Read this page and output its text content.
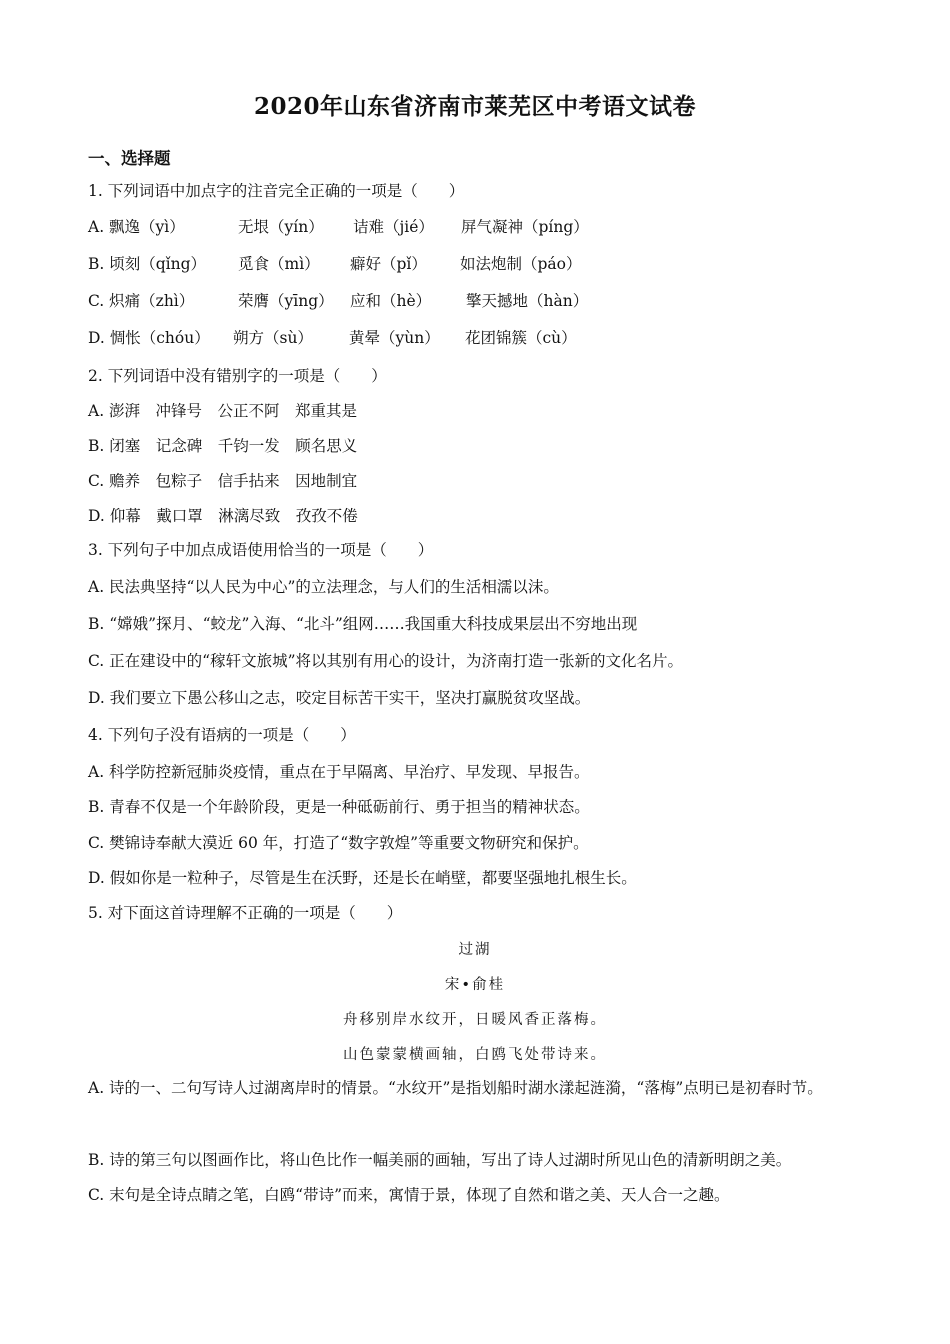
2020年山东省济南市莱芜区中考语文试卷
一、选择题
1. 下列词语中加点字的注音完全正确的一项是（　　）
A. 飘逸（yì）	无垠（yín） 诘难（jié） 屏气凝神（píng）
B. 顷刻（qǐng） 觅食（mì） 癖好（pǐ） 如法炮制（páo）
C. 炽痛（zhì）	荣膺（yīng） 应和（hè） 擎天撼地（hàn）
D. 惆怅（chóu） 朔方（sù） 黄晕（yùn） 花团锦簇（cù）
2. 下列词语中没有错别字的一项是（　　）
A. 澎湃　冲锋号　公正不阿　郑重其是
B. 闭塞　记念碑　千钧一发　顾名思义
C. 赡养　包粽子　信手拈来　因地制宜
D. 仰幕　戴口罩　淋漓尽致　孜孜不倦
3. 下列句子中加点成语使用恰当的一项是（　　）
A. 民法典坚持“以人民为中心”的立法理念，与人们的生活相濡以沫。
B. “嫦娥”探月、“蛟龙”入海、“北斗”组网……我国重大科技成果层出不穷地出现
C. 正在建设中的“稼轩文旅城”将以其别有用心的设计，为济南打造一张新的文化名片。
D. 我们要立下愚公移山之志，咬定目标苦干实干，坚决打赢脱贫攻坚战。
4. 下列句子没有语病的一项是（　　）
A. 科学防控新冠肺炎疫情，重点在于早隔离、早治疗、早发现、早报告。
B. 青春不仅是一个年龄阶段，更是一种砥砺前行、勇于担当的精神状态。
C. 樊锦诗奉献大漠近 60 年，打造了“数字敦煌”等重要文物研究和保护。
D. 假如你是一粒种子，尽管是生在沃野，还是长在峭壁，都要坚强地扎根生长。
5. 对下面这首诗理解不正确的一项是（　　）
过湖
宋•俞桂
舟移别岸水纹开，日暖风香正落梅。
山色蒙蒙横画轴，白鸥飞处带诗来。
A. 诗的一、二句写诗人过湖离岸时的情景。“水纹开”是指划船时湖水漾起涟漪，“落梅”点明已是初春时节。
B. 诗的第三句以图画作比，将山色比作一幅美丽的画轴，写出了诗人过湖时所见山色的清新明朗之美。
C. 末句是全诗点睛之笔，白鸥“带诗”而来，寓情于景，体现了自然和谐之美、天人合一之趣。
